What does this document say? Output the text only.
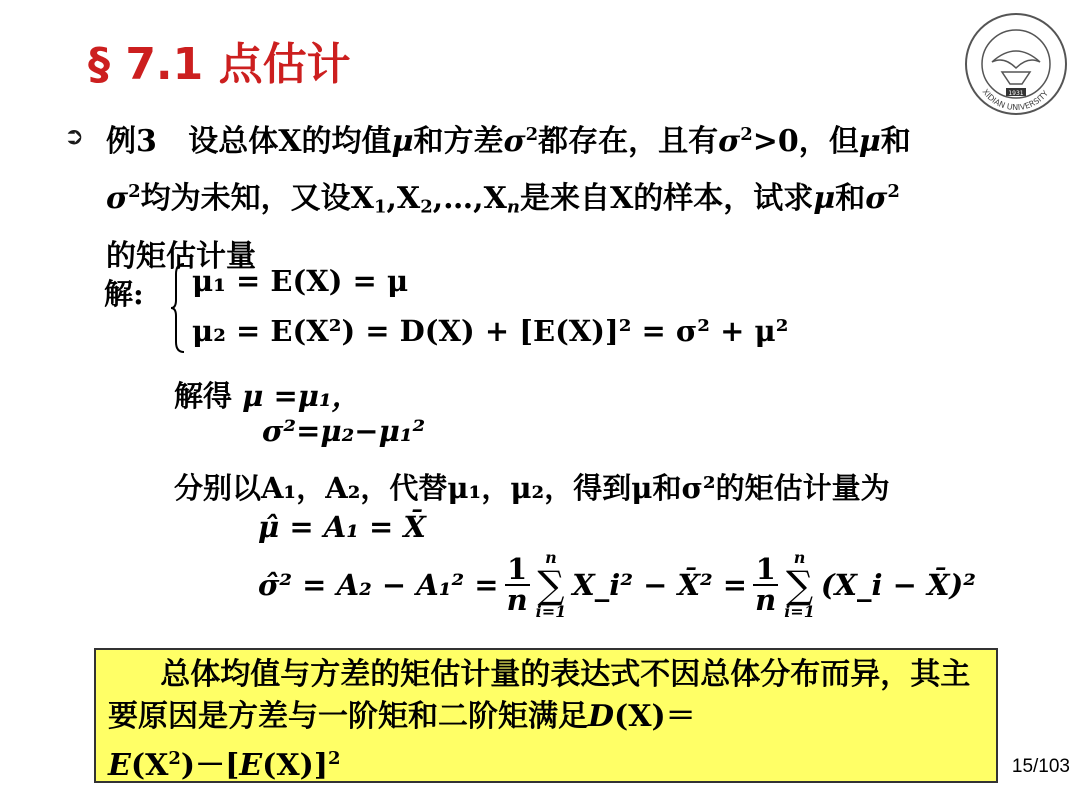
§ 7.1 点估计
1931
XIDIAN UNIVERSITY
➲ 例3 设总体X的均值μ和方差$\sigma^2$都存在，且有$\sigma^2>0$，但μ和
$\sigma^2$均为未知，又设$X_1,X_2,\dots,X_n$是来自X的样本，试求μ和$\sigma^2$
的矩估计量
解: μ₁ = E(X) = μ
μ₂ = E(X²) = D(X) + [E(X)]² = σ² + μ²
解得 μ =μ₁，
σ²=μ₂−μ₁²
分别以A₁，A₂，代替μ₁，μ₂，得到μ和σ²的矩估计量为
μ̂ = A₁ = X̄
σ̂² = $A_2 - A_1^2 = \frac{1}{n}$ n
∑
i=1
X_i² − X̄² = $\frac{1}{n}$ n
∑
i=1
(X_i − X̄)²
总体均值与方差的矩估计量的表达式不因总体分布而异，其主要原因是方差与一阶矩和二阶矩满足D(X)＝
$E(X^2)-[E(X)]^2$	15/103
